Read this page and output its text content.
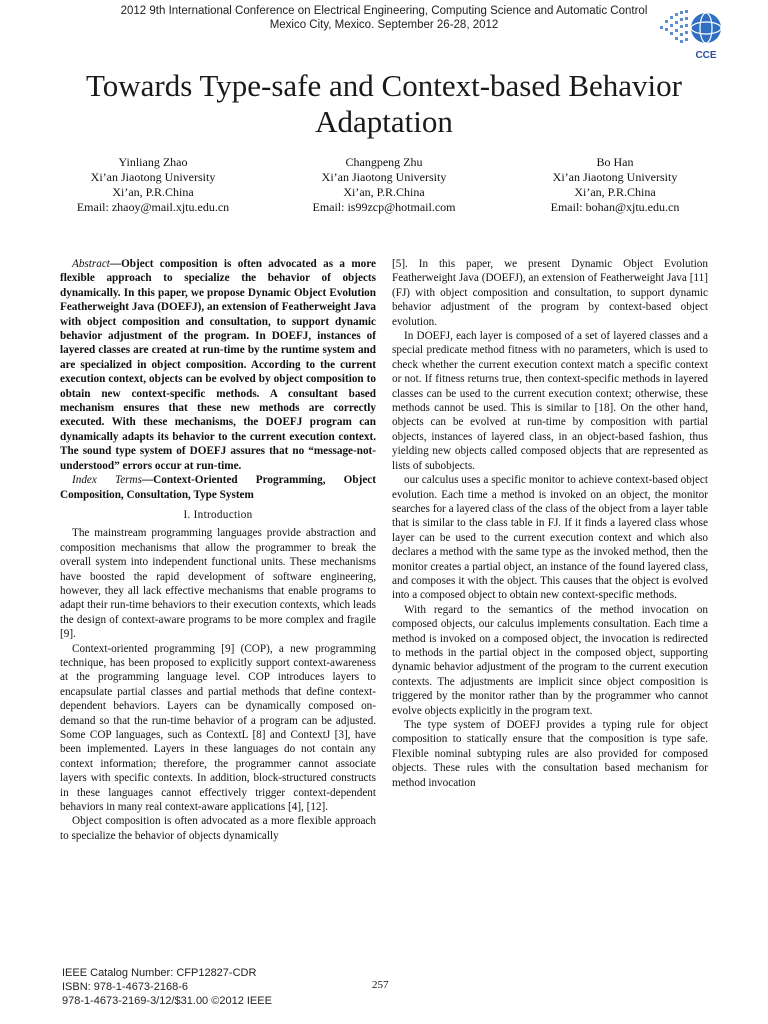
2012 9th International Conference on Electrical Engineering, Computing Science and Automatic Control
Mexico City, Mexico. September 26-28, 2012
CCE
Towards Type-safe and Context-based Behavior
Adaptation
Yinliang Zhao
Xi’an Jiaotong University
Xi’an, P.R.China
Email: zhaoy@mail.xjtu.edu.cn
Changpeng Zhu
Xi’an Jiaotong University
Xi’an, P.R.China
Email: is99zcp@hotmail.com
Bo Han
Xi’an Jiaotong University
Xi’an, P.R.China
Email: bohan@xjtu.edu.cn

Abstract—Object composition is often advocated as a more flexible approach to specialize the behavior of objects dynamically. In this paper, we propose Dynamic Object Evolution Featherweight Java (DOEFJ), an extension of Featherweight Java with object composition and consultation, to support dynamic behavior adjustment of the program. In DOEFJ, instances of layered classes are created at run-time by the runtime system and are specialized in object composition. According to the current execution context, objects can be evolved by object composition to obtain new context-specific methods. A consultant based mechanism ensures that these new methods are correctly executed. With these mechanisms, the DOEFJ program can dynamically adapts its behavior to the current execution context. The sound type system of DOEFJ assures that no “message-not-understood” errors occur at run-time.

Index Terms—Context-Oriented Programming, Object Composition, Consultation, Type System

I. Introduction

The mainstream programming languages provide abstraction and composition mechanisms that allow the programmer to break the overall system into independent functional units. These mechanisms have boosted the rapid development of software engineering, however, they all lack effective mechanisms that enable programs to adapt their run-time behaviors to their execution contexts, which leads the design of context-aware programs to be more complex and fragile [9].

Context-oriented programming [9] (COP), a new programming technique, has been proposed to explicitly support context-awareness at the programming language level. COP introduces layers to encapsulate partial classes and partial methods that define context-dependent behaviors. Layers can be dynamically composed on-demand so that the run-time behavior of a program can be adjusted. Some COP languages, such as ContextL [8] and ContextJ [3], have been implemented. Layers in these languages do not contain any context information; therefore, the programmer cannot associate layers with specific contexts. In addition, block-structured constructs in these languages cannot effectively trigger context-dependent behaviors in many real context-aware applications [4], [12].

Object composition is often advocated as a more flexible approach to specialize the behavior of objects dynamically

[5]. In this paper, we present Dynamic Object Evolution Featherweight Java (DOEFJ), an extension of Featherweight Java [11] (FJ) with object composition and consultation, to support dynamic behavior adjustment of the program by context-based object evolution.

In DOEFJ, each layer is composed of a set of layered classes and a special predicate method fitness with no parameters, which is used to check whether the current execution context match a specific context or not. If fitness returns true, then context-specific methods in layered classes can be used to the current execution context; otherwise, these methods cannot be used. This is similar to [18]. On the other hand, objects can be evolved at run-time by composition with partial objects, instances of layered class, in an object-based fashion, thus yielding new objects called composed objects that are represented as lists of subobjects.

our calculus uses a specific monitor to achieve context-based object evolution. Each time a method is invoked on an object, the monitor searches for a layered class of the class of the object from a layer table that is similar to the class table in FJ. If it finds a layered class whose layer can be used to the current execution context and which also declares a method with the same type as the invoked method, then the monitor creates a partial object, an instance of the found layered class, and composes it with the object. This causes that the object is evolved into a composed object to obtain new context-specific methods.

With regard to the semantics of the method invocation on composed objects, our calculus implements consultation. Each time a method is invoked on a composed object, the invocation is redirected to methods in the partial object in the composed object, supporting dynamic behavior adjustment of the program to the current execution contexts. The adjustments are implicit since object composition is triggered by the monitor rather than by the programmer who cannot evolve objects explicitly in the program text.

The type system of DOEFJ provides a typing rule for object composition to statically ensure that the composition is type safe. Flexible nominal subtyping rules are also provided for composed objects. These rules with the consultation based mechanism for method invocation

IEEE Catalog Number: CFP12827-CDR
ISBN: 978-1-4673-2168-6
978-1-4673-2169-3/12/$31.00 ©2012 IEEE
257
